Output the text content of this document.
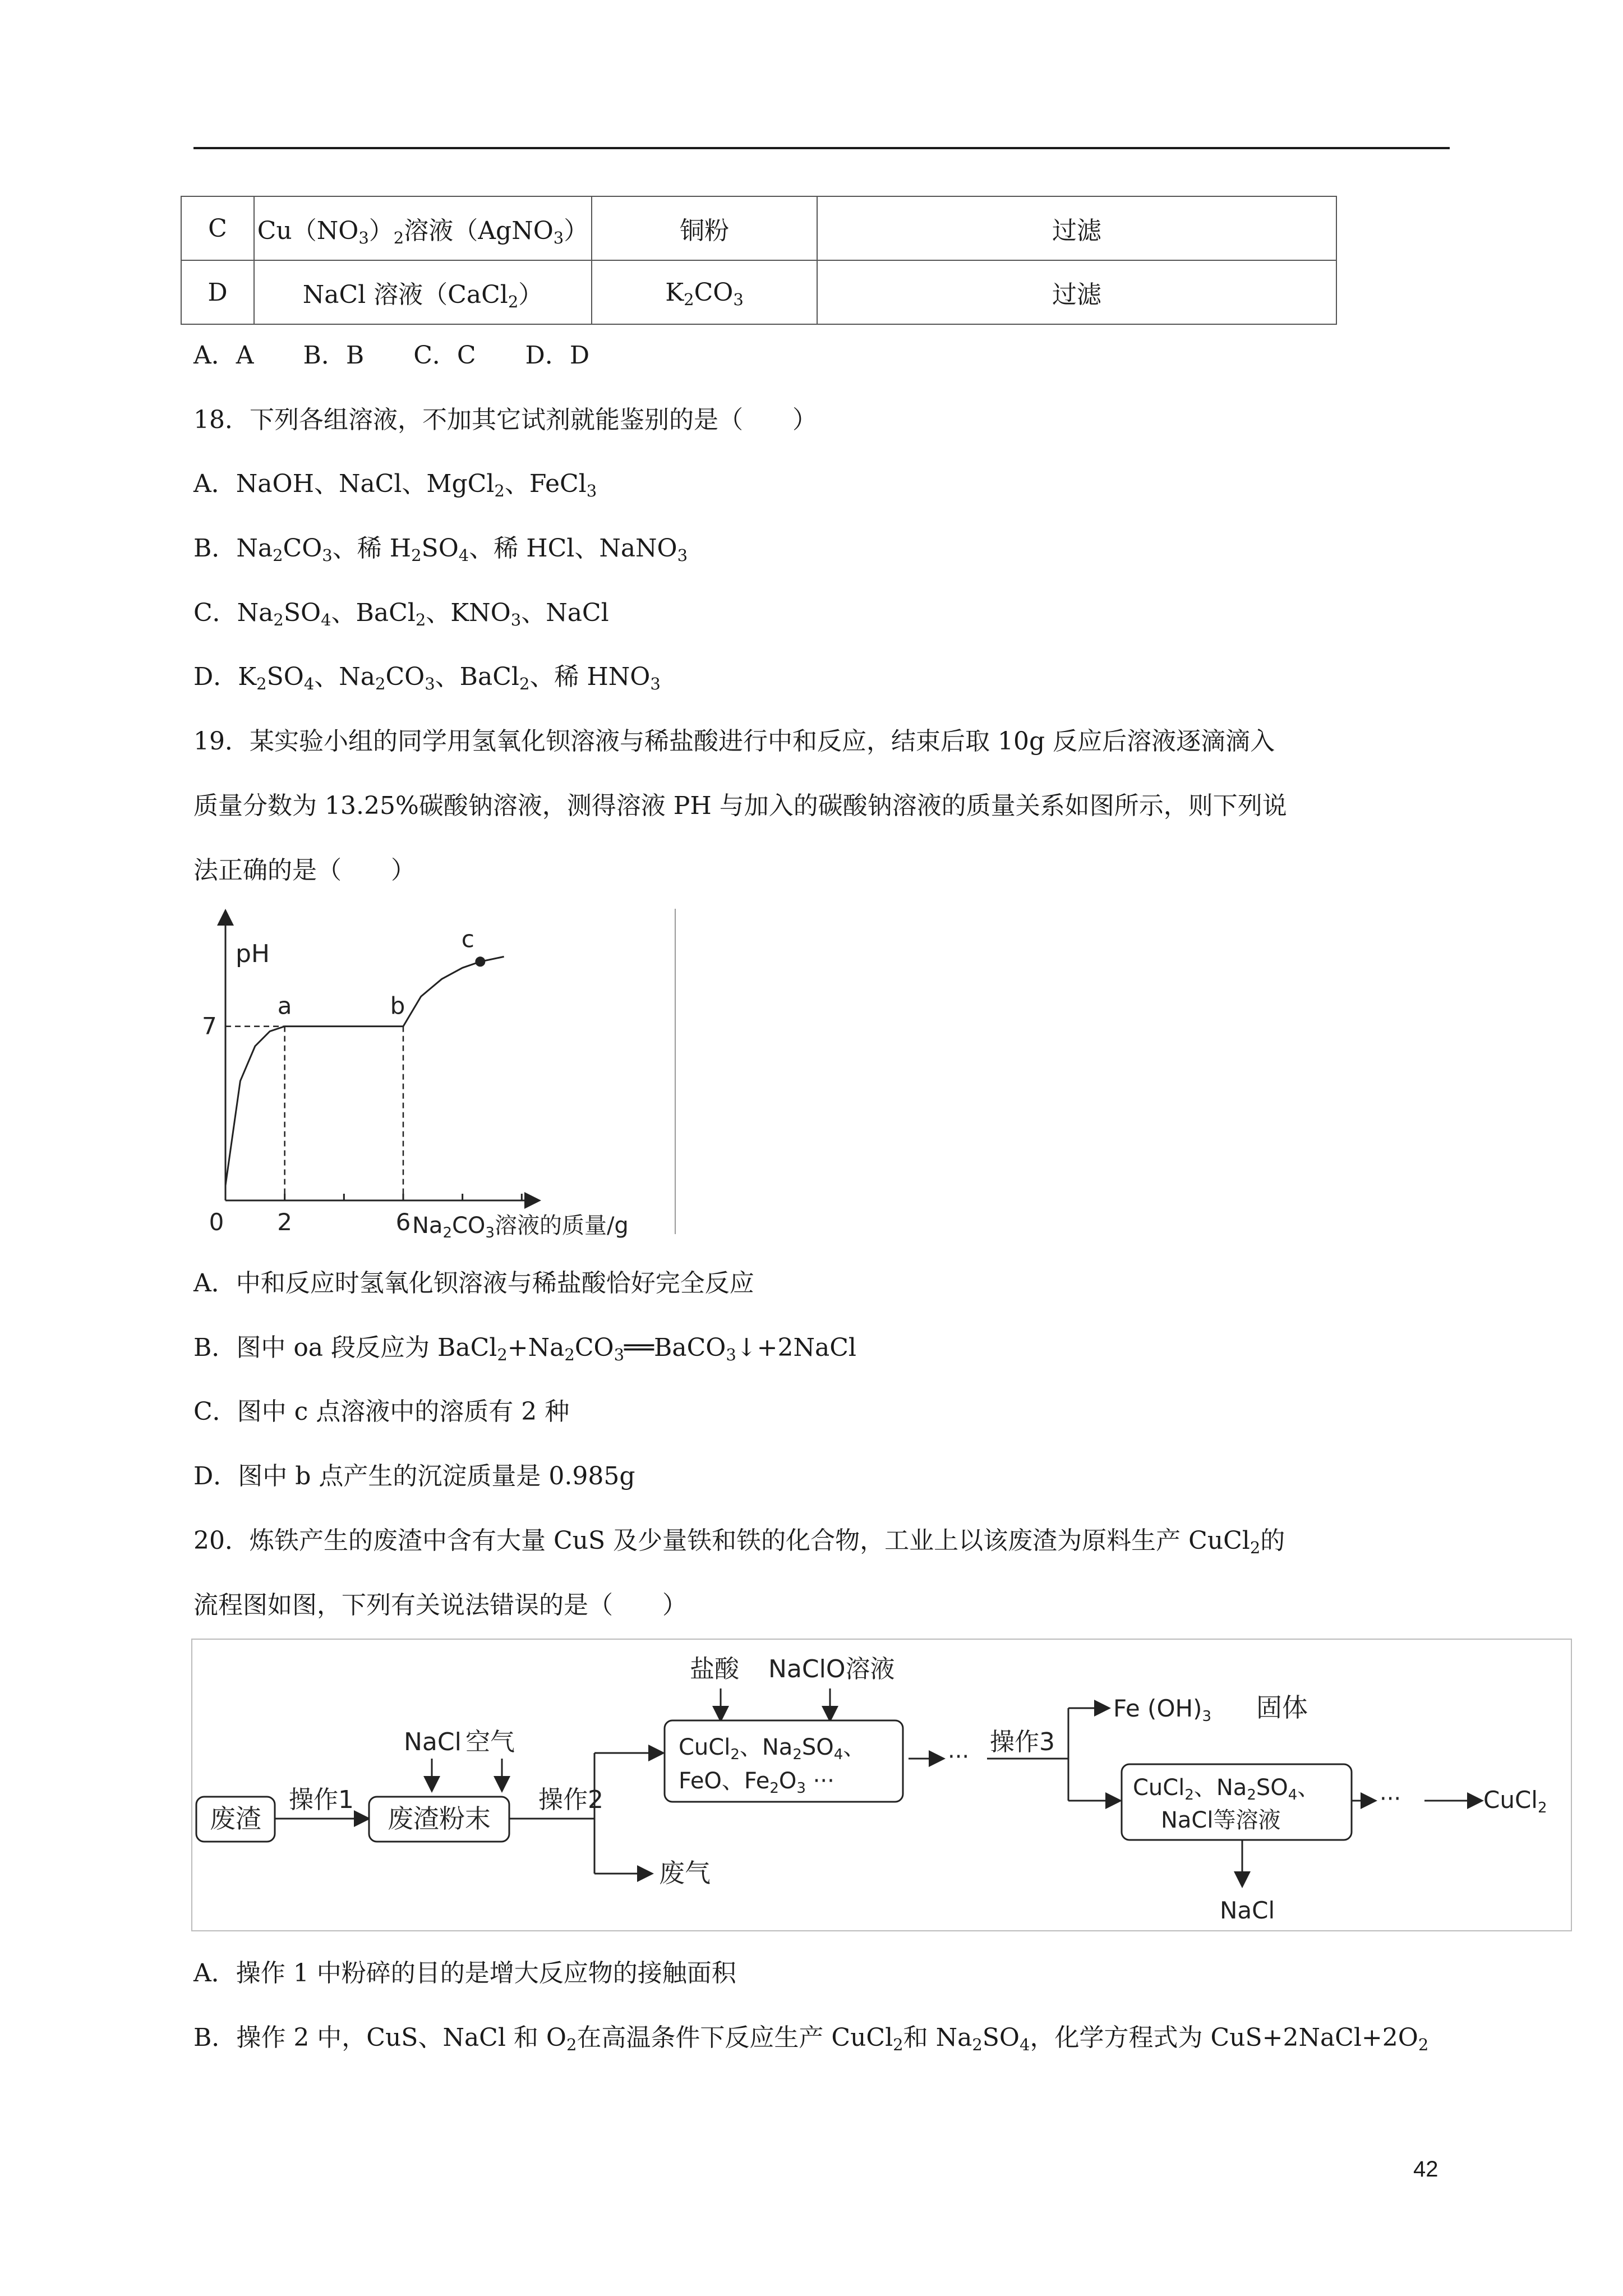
C	$Cu(NO_3)_2$溶液（AgNO$_3$）	铜粉	过滤
D	NaCl 溶液（CaCl$_2$）	$K_2CO_3$	过滤
A．A　　B．B　　C．C　　D．D
18．下列各组溶液，不加其它试剂就能鉴别的是（　　）
A．NaOH、NaCl、MgCl$_2$、FeCl$_3$
B．$Na_2CO_3$、稀 $H_2SO_4$、稀 HCl、NaNO$_3$
C．$Na_2SO_4$、BaCl$_2$、$KNO_3$、NaCl
D．$K_2SO_4$、$Na_2CO_3$、BaCl$_2$、稀 $HNO_3$
19．某实验小组的同学用氢氧化钡溶液与稀盐酸进行中和反应，结束后取 10g 反应后溶液逐滴滴入
质量分数为 13.25%碳酸钠溶液，测得溶液 PH 与加入的碳酸钠溶液的质量关系如图所示，则下列说
法正确的是（　　）
a	b
c
pH
0 2	6
7
$Na_2CO_3$溶液的质量/g
A．中和反应时氢氧化钡溶液与稀盐酸恰好完全反应
B．图中 oa 段反应为 $BaCl_2+Na_2CO_3══BaCO_3↓+2NaCl$
C．图中 c 点溶液中的溶质有 2 种
D．图中 b 点产生的沉淀质量是 0.985g
20．炼铁产生的废渣中含有大量 CuS 及少量铁和铁的化合物，工业上以该废渣为原料生产 CuCl$_2$的
流程图如图，下列有关说法错误的是（　　）
盐酸 NaClO溶液
NaCl 空气
废渣
操作1
废渣粉末
操作2
废气
CuCl$_2$、$Na_2SO_4$、
FeO、$Fe_2O_3$ ···
···
操作3
Fe (OH)3 固体
CuCl$_2$、$Na_2SO_4$、
NaCl等溶液
NaCl
···	CuCl2
A．操作 1 中粉碎的目的是增大反应物的接触面积
B．操作 2 中，CuS、NaCl 和 $O_2$在高温条件下反应生产 CuCl$_2$和 $Na_2SO_4$，化学方程式为 $CuS+2NaCl+2O_2$
42
